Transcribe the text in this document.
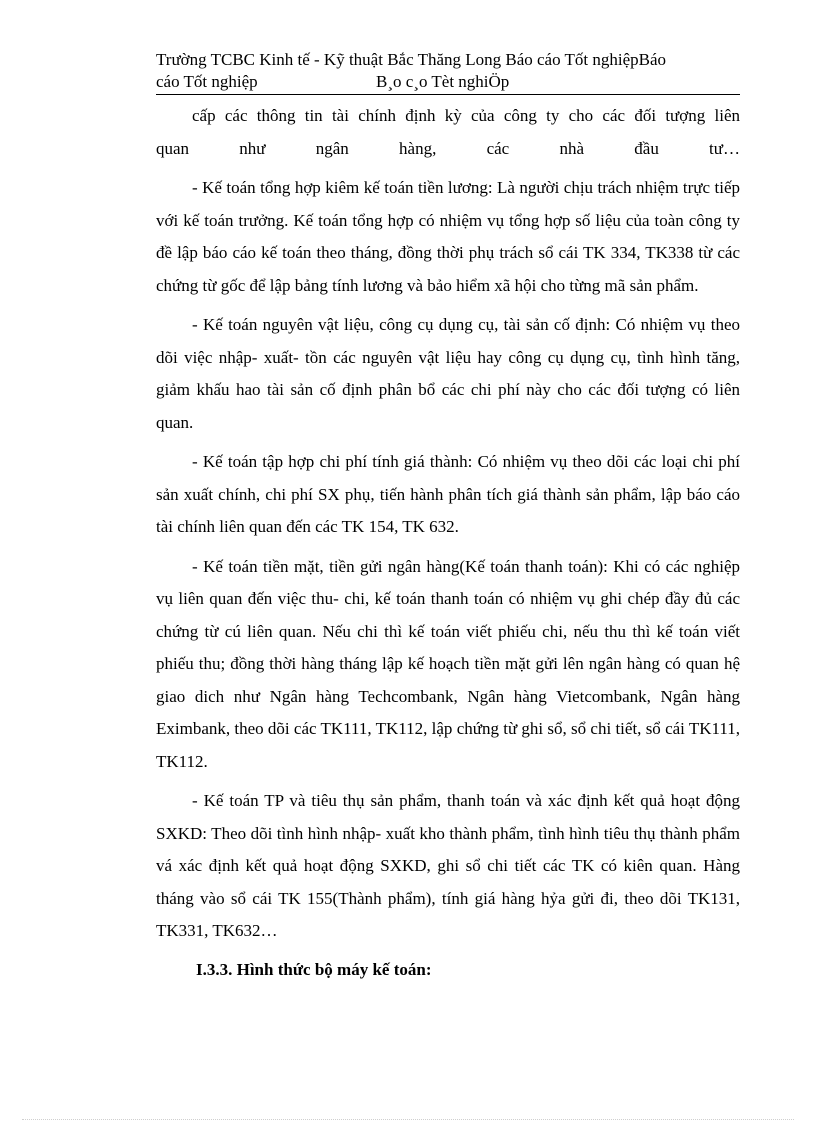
Trường TCBC Kinh tế - Kỹ thuật Bắc Thăng Long Báo cáo Tốt nghiệpBáo
cáo Tốt nghiệp	B¸o c¸o Tèt nghiÖp

cấp các thông tin tài chính định kỳ của công ty cho các đối tượng liên

quan như ngân hàng, các nhà đầu tư…

- Kế toán tổng hợp kiêm kế toán tiền lương: Là người chịu trách nhiệm trực tiếp với kế toán trưởng. Kế toán tổng hợp có nhiệm vụ tổng hợp số liệu của toàn công ty đề lập báo cáo kế toán theo tháng, đồng thời phụ trách sổ cái TK 334, TK338 từ các chứng từ gốc để lập bảng tính lương và bảo hiểm xã hội cho từng mã sản phẩm.

- Kế toán nguyên vật liệu, công cụ dụng cụ, tài sản cố định: Có nhiệm vụ theo dõi việc nhập- xuất- tồn các nguyên vật liệu hay công cụ dụng cụ, tình hình tăng, giảm khấu hao tài sản cố định phân bổ các chi phí này cho các đối tượng có liên quan.

- Kế toán tập hợp chi phí tính giá thành: Có nhiệm vụ theo dõi các loại chi phí sản xuất chính, chi phí SX phụ, tiến hành phân tích giá thành sản phẩm, lập báo cáo tài chính liên quan đến các TK 154, TK 632.

- Kế toán tiền mặt, tiền gửi ngân hàng(Kế toán thanh toán): Khi có các nghiệp vụ liên quan đến việc thu- chi, kế toán thanh toán có nhiệm vụ ghi chép đầy đủ các chứng từ cú liên quan. Nếu chi thì kế toán viết phiếu chi, nếu thu thì kế toán viết phiếu thu; đồng thời hàng tháng lập kế hoạch tiền mặt gửi lên ngân hàng có quan hệ giao dich như Ngân hàng Techcombank, Ngân hàng Vietcombank, Ngân hàng Eximbank, theo dõi các TK111, TK112, lập chứng từ ghi sổ, sổ chi tiết, sổ cái TK111, TK112.

- Kế toán TP và tiêu thụ sản phẩm, thanh toán và xác định kết quả hoạt động SXKD: Theo dõi tình hình nhập- xuất kho thành phẩm, tình hình tiêu thụ thành phẩm vá xác định kết quả hoạt động SXKD, ghi sổ chi tiết các TK có kiên quan. Hàng tháng vào sổ cái TK 155(Thành phẩm), tính giá hàng hỷa gửi đi, theo dõi TK131, TK331, TK632…

I.3.3. Hình thức bộ máy kế toán:
